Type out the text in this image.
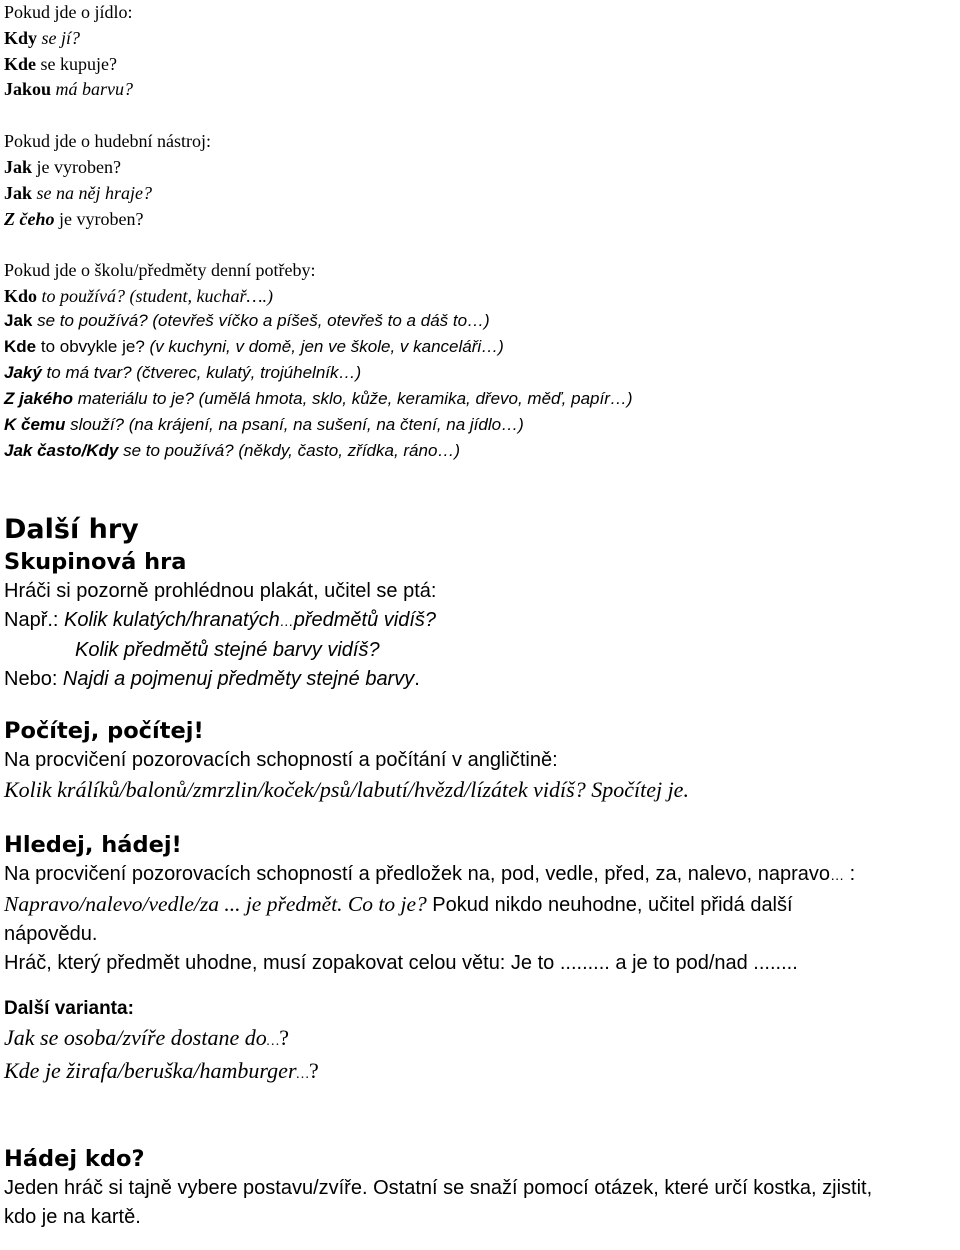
Pokud jde o jídlo:
Kdy se jí?
Kde se kupuje?
Jakou má barvu?
Pokud jde o hudební nástroj:
Jak je vyroben?
Jak se na něj hraje?
Z čeho je vyroben?
Pokud jde o školu/předměty denní potřeby:
Kdo to používá? (student, kuchař….)
Jak se to používá? (otevřeš víčko a píšeš, otevřeš to a dáš to…)
Kde to obvykle je? (v kuchyni, v domě, jen ve škole, v kanceláři…)
Jaký to má tvar? (čtverec, kulatý, trojúhelník…)
Z jakého materiálu to je? (umělá hmota, sklo, kůže, keramika, dřevo, měď, papír…)
K čemu slouží? (na krájení, na psaní, na sušení, na čtení, na jídlo…)
Jak často/Kdy se to používá? (někdy, často, zřídka, ráno…)
Další hry
Skupinová hra
Hráči si pozorně prohlédnou plakát, učitel se ptá:
Např.: Kolik kulatých/hranatých…předmětů vidíš?
Kolik předmětů stejné barvy vidíš?
Nebo: Najdi a pojmenuj předměty stejné barvy.
Počítej, počítej!
Na procvičení pozorovacích schopností a počítání v angličtině:
Kolik králíků/balonů/zmrzlin/koček/psů/labutí/hvězd/lízátek vidíš? Spočítej je.
Hledej, hádej!
Na procvičení pozorovacích schopností a předložek na, pod, vedle, před, za, nalevo, napravo… :
Napravo/nalevo/vedle/za ... je předmět. Co to je? Pokud nikdo neuhodne, učitel přidá další
nápovědu.
Hráč, který předmět uhodne, musí zopakovat celou větu: Je to ......... a je to pod/nad ........
Další varianta:
Jak se osoba/zvíře dostane do…?
Kde je žirafa/beruška/hamburger…?
Hádej kdo?
Jeden hráč si tajně vybere postavu/zvíře. Ostatní se snaží pomocí otázek, které určí kostka, zjistit,
kdo je na kartě.
